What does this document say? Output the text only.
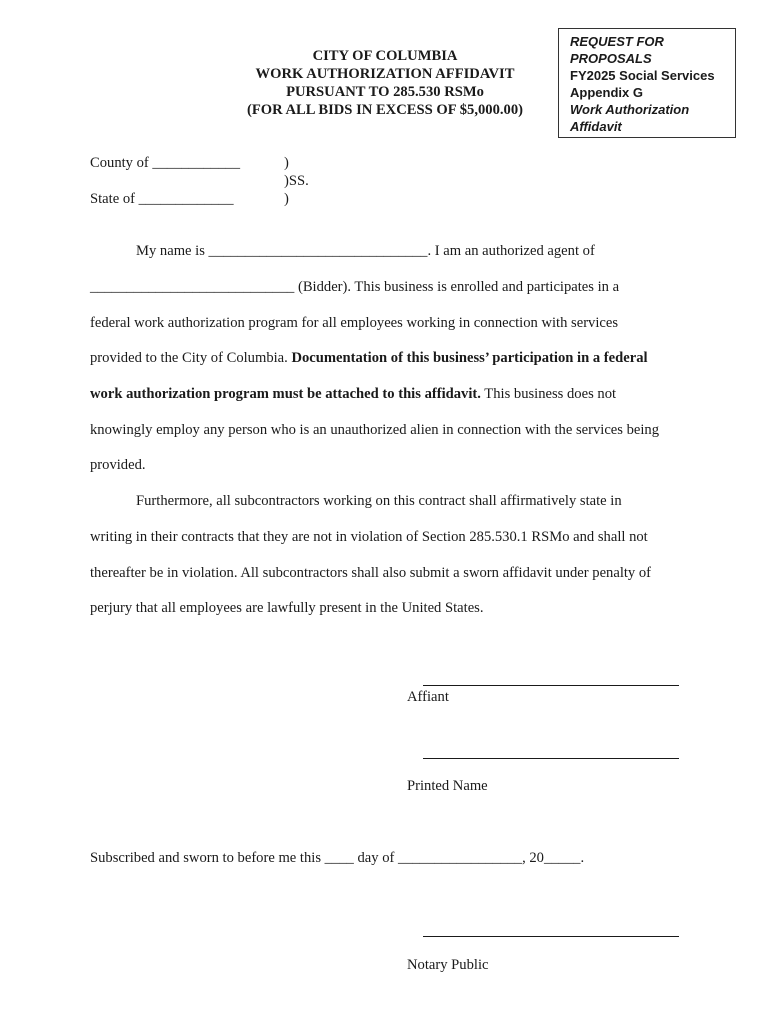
CITY OF COLUMBIA
WORK AUTHORIZATION AFFIDAVIT
PURSUANT TO 285.530 RSMo
(FOR ALL BIDS IN EXCESS OF $5,000.00)
REQUEST FOR
PROPOSALS
FY2025 Social Services
Appendix G
Work Authorization
Affidavit
County of ____________
State of _____________
)
)SS.
)
My name is ______________________________. I am an authorized agent of
____________________________ (Bidder). This business is enrolled and participates in a
federal work authorization program for all employees working in connection with services
provided to the City of Columbia. Documentation of this business’ participation in a federal
work authorization program must be attached to this affidavit. This business does not
knowingly employ any person who is an unauthorized alien in connection with the services being
provided.
Furthermore, all subcontractors working on this contract shall affirmatively state in
writing in their contracts that they are not in violation of Section 285.530.1 RSMo and shall not
thereafter be in violation. All subcontractors shall also submit a sworn affidavit under penalty of
perjury that all employees are lawfully present in the United States.
Affiant
Printed Name
Subscribed and sworn to before me this ____ day of _________________, 20_____.
Notary Public
